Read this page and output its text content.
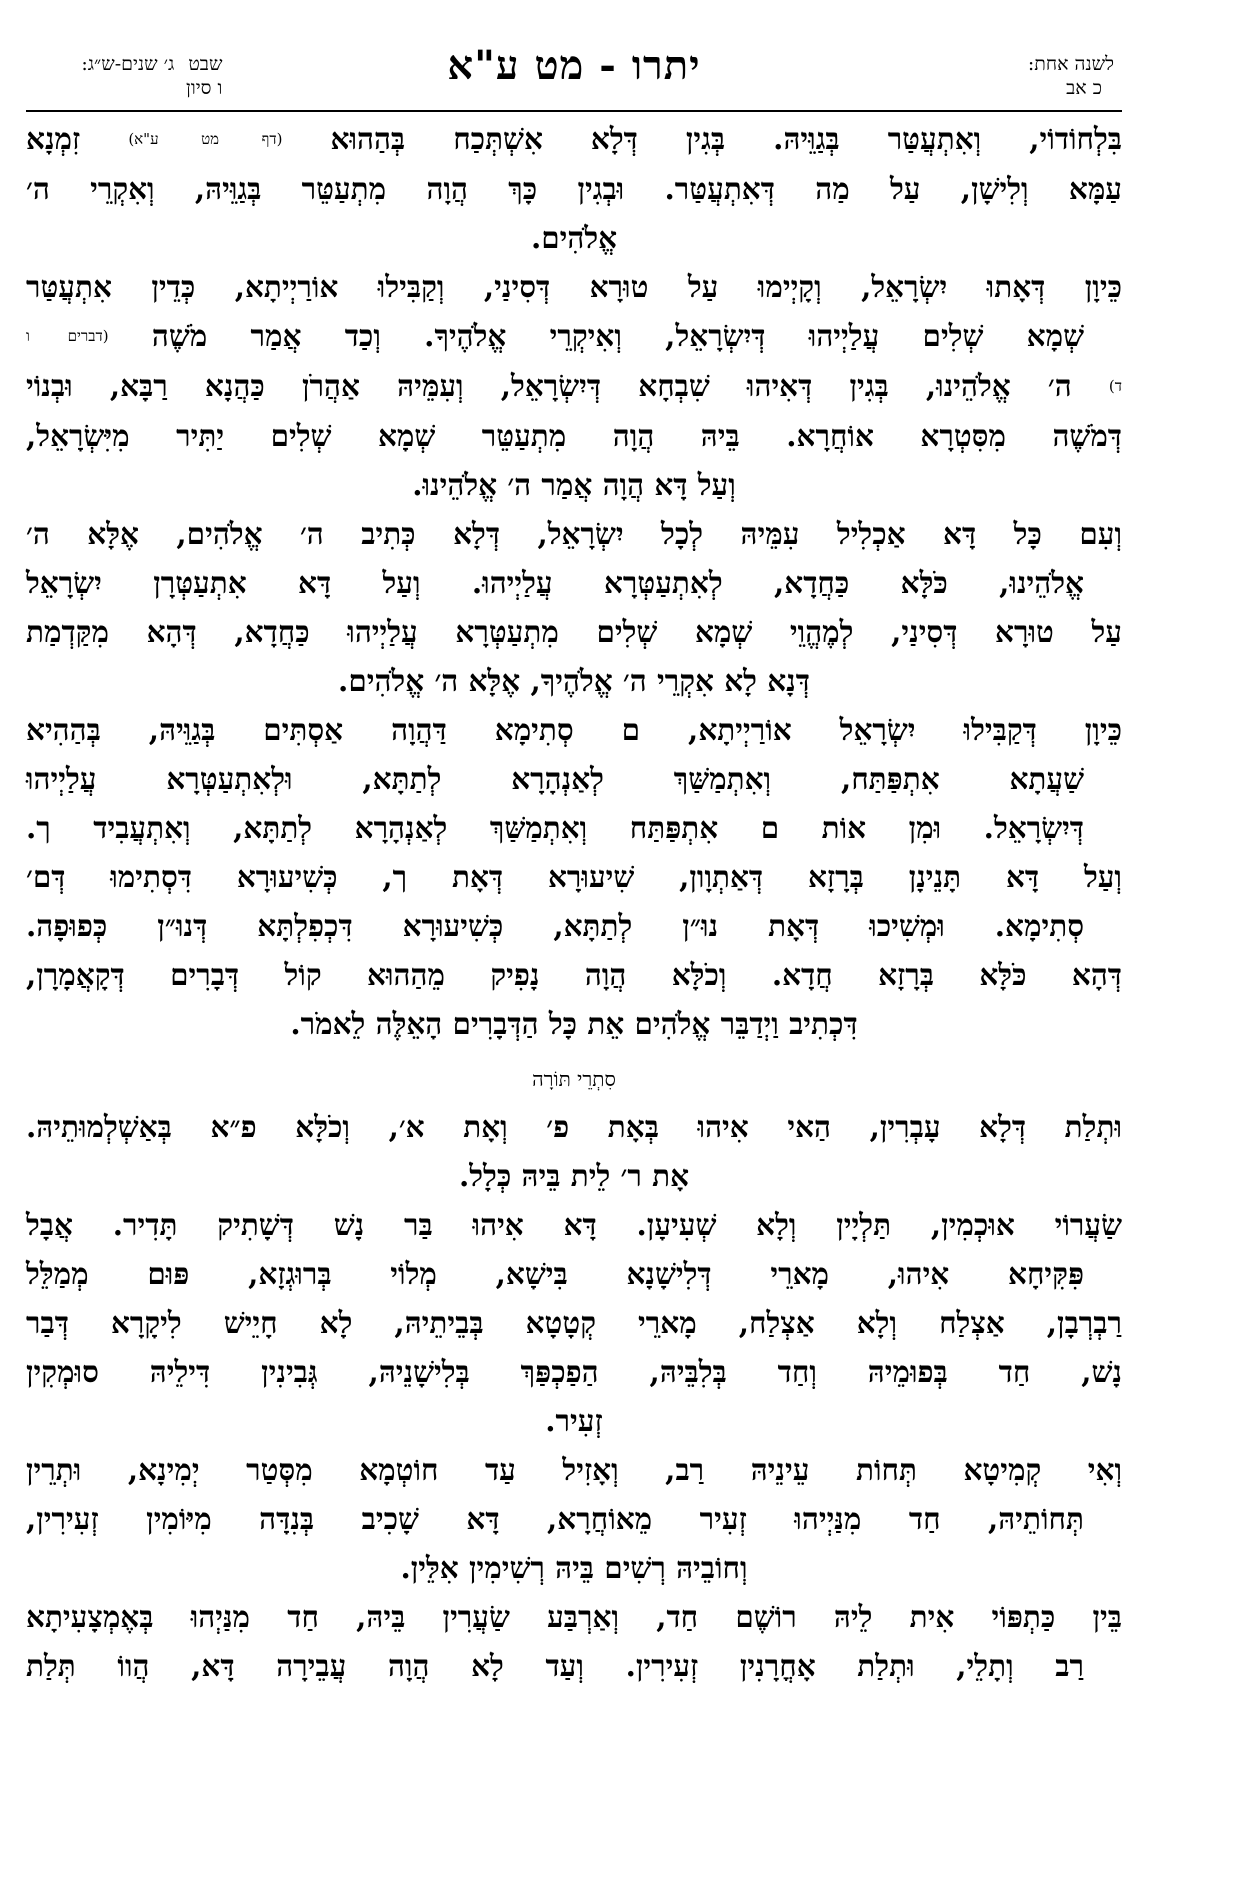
שבט
ג׳ שנים-ש״ג:
ו סיון	יתרו - מט ע"א	לשנה אחת:
כ אב
בִּלְחוֹדוֹי, וְאִתְעֲטַּר בְּגַוֵּיהּ. בְּגִין דְּלָא אִשְׁתְּכַח בְּהַהוּא (דף מט ע"א) זִמְנָא
עַמָּא וְלִישָׁן, עַל מַה דְּאִתְעֲטַּר. וּבְגִין כָּךְ הֲוָה מִתְעַטֵּר בְּגַוֵּיהּ, וְאִקְרֵי ה׳
אֱלֹהִים.
כֵּיוָן דְּאָתוּ יִשְׂרָאֵל, וְקָיְימוּ עַל טוּרָא דְּסִינַי, וְקַבִּילוּ אוֹרַיְיתָא, כְּדֵין אִתְעֲטַּר
שְׁמָא שְׁלִים עֲלַיְיהוּ דְּיִשְׂרָאֵל, וְאִיקְרֵי אֱלֹהֶיךָ. וְכַד אֲמַר מֹשֶׁה (דברים ו
ד) ה׳ אֱלֹהֵינוּ, בְּגִין דְּאִיהוּ שִׁבְחָא דְּיִשְׂרָאֵל, וְעִמֵּיהּ אַהֲרֹן כַּהֲנָא רַבָּא, וּבְנוֹי
דְּמֹשֶׁה מִסִּטְרָא אוֹחֲרָא. בֵּיהּ הֲוָה מִתְעַטֵּר שְׁמָא שְׁלִים יַתִּיר מִיִּשְׂרָאֵל,
וְעַל דָּא הֲוָה אֲמַר ה׳ אֱלֹהֵינוּ.
וְעִם כָּל דָּא אַכְלִיל עִמֵּיהּ לְכָל יִשְׂרָאֵל, דְּלָא כְּתִיב ה׳ אֱלֹהִים, אֶלָּא ה׳
אֱלֹהֵינוּ, כֹּלָּא כַּחֲדָא, לְאִתְעַטְּרָא עֲלַיְיהוּ. וְעַל דָּא אִתְעַטְּרָן יִשְׂרָאֵל
עַל טוּרָא דְּסִינַי, לְמֶהֱוֵי שְׁמָא שְׁלִים מִתְעַטְּרָא עֲלַיְיהוּ כַּחֲדָא, דְּהָא מִקַּדְמַת
דְּנָא לָא אִקְרֵי ה׳ אֱלֹהֶיךָ, אֶלָּא ה׳ אֱלֹהִים.
כֵּיוָן דְּקַבִּילוּ יִשְׂרָאֵל אוֹרַיְיתָא, ם סְתִימָא דַּהֲוָה אַסְתִּים בְּגַוֵּיהּ, בְּהַהִיא
שַׁעֲתָא אִתְפַּתַּח, וְאִתְמַשַּׁךְ לְאַנְהָרָא לְתַתָּא, וּלְאִתְעַטְּרָא עֲלַיְיהוּ
דְּיִשְׂרָאֵל. וּמִן אוֹת ם אִתְפַּתַּח וְאִתְמַשַּׁךְ לְאַנְהָרָא לְתַתָּא, וְאִתְעֲבִיד ך.
וְעַל דָּא תָּנֵינָן בְּרָזָא דְּאַתְוָון, שִׁיעוּרָא דְּאָת ך, כְּשִׁיעוּרָא דִּסְתִימוּ דְּם׳
סְתִימָא. וּמְשִׁיכוּ דְּאָת נוּ״ן לְתַתָּא, כְּשִׁיעוּרָא דִּכְפִלְתָּא דְּנוּ״ן כְּפוּפָה.
דְּהָא כֹּלָּא בְּרָזָא חֲדָא. וְכֹלָּא הֲוָה נָפִיק מֵהַהוּא קוֹל דְּבָרִים דְּקָאֲמָרָן,
דִּכְתִיב וַיְדַבֵּר אֱלֹהִים אֵת כָּל הַדְּבָרִים הָאֵלֶּה לֵאמֹר.
סִתְרֵי תּוֹרָה
וּתְלַת דְּלָא עָבְרִין, הַאי אִיהוּ בְּאָת פ׳ וְאָת א׳, וְכֹלָּא פ״א בְּאַשְׁלְמוּתֵיהּ.
אָת ר׳ לֵית בֵּיהּ כְּלָל.
שַׂעֲרוֹי אוּכְמִין, תַּלְיָין וְלָא שְׁעִיעָן. דָּא אִיהוּ בַּר נָשׁ דְּשָׁתִיק תָּדִיר. אֲבָל
פִּקִּיחָא אִיהוּ, מָארֵי דְּלִישָׁנָא בִּישָׁא, מְלוֹי בְּרוּגְזָא, פּוּם מְמַלֵּל
רַבְרְבָן, אַצְלַח וְלָא אַצְלַח, מָארֵי קְטָטָא בְּבֵיתֵיהּ, לָא חָיֵישׁ לִיקָרָא דְּבַר
נָשׁ, חַד בְּפוּמֵיהּ וְחַד בְּלִבֵּיהּ, הַפַכְפַּךְ בְּלִישָׁנֵיהּ, גְּבִינִין דִּילֵיהּ סוּמְקִין
זְעִיר.
וְאִי קְמִיטָא תְּחוֹת עֵינֵיהּ רַב, וְאָזִיל עַד חוֹטְמָא מִסְּטַר יְמִינָא, וּתְרֵין
תְּחוֹתֵיהּ, חַד מִנַּיְיהוּ זְעִיר מֵאוֹחֲרָא, דָּא שָׁכִיב בְּנִדָּה מִיּוֹמִין זְעִירִין,
וְחוֹבֵיהּ רְשִׁים בֵּיהּ רְשִׁימִין אִלֵּין.
בֵּין כַּתְפּוֹי אִית לֵיהּ רוֹשֶׁם חַד, וְאַרְבַּע שַׂעֲרִין בֵּיהּ, חַד מִנַּיְהוּ בְּאֶמְצָעִיתָא
רַב וְתָלֵי, וּתְלַת אָחֳרָנִין זְעִירִין. וְעַד לָא הֲוָה עֲבֵירָה דָּא, הֲווֹ תְּלַת
